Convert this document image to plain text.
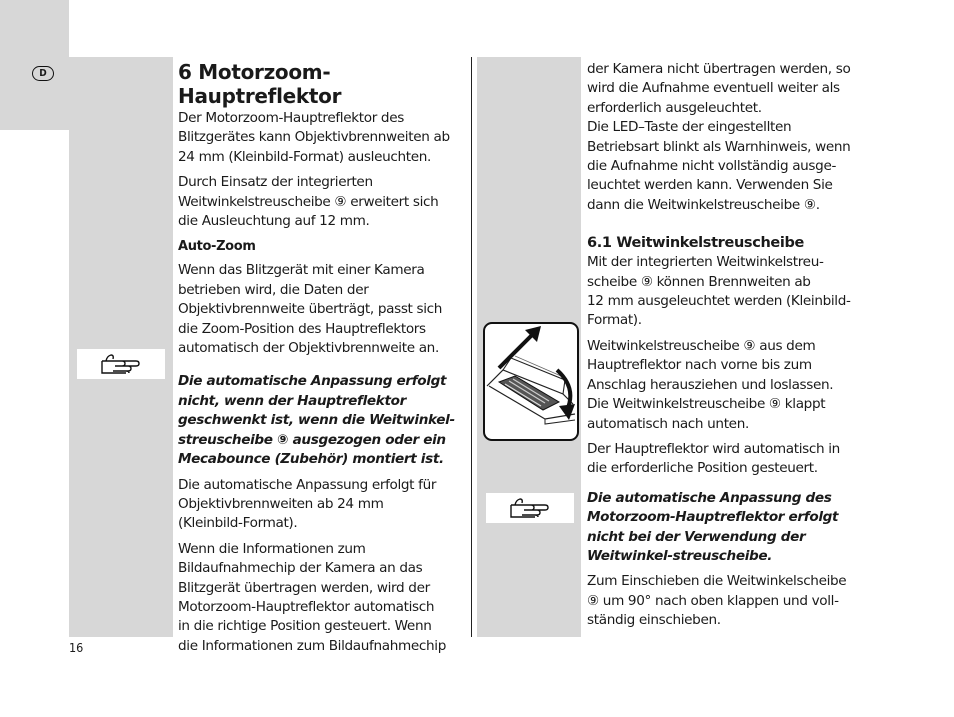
D	6 Motorzoom-Hauptreflektor

Der Motorzoom-Hauptreflektor des
Blitzgerätes kann Objektivbrennweiten ab
24 mm (Kleinbild-Format) ausleuchten.

Durch Einsatz der integrierten
Weitwinkelstreuscheibe ⑨ erweitert sich
die Ausleuchtung auf 12 mm.

Auto-Zoom

Wenn das Blitzgerät mit einer Kamera
betrieben wird, die Daten der
Objektivbrennweite überträgt, passt sich
die Zoom-Position des Hauptreflektors
automatisch der Objektivbrennweite an.

Die automatische Anpassung erfolgt
nicht, wenn der Hauptreflektor
geschwenkt ist, wenn die Weitwinkel-
streuscheibe ⑨ ausgezogen oder ein
Mecabounce (Zubehör) montiert ist.

Die automatische Anpassung erfolgt für
Objektivbrennweiten ab 24 mm
(Kleinbild-Format).

Wenn die Informationen zum
Bildaufnahmechip der Kamera an das
Blitzgerät übertragen werden, wird der
Motorzoom-Hauptreflektor automatisch
in die richtige Position gesteuert. Wenn
die Informationen zum Bildaufnahmechip

der Kamera nicht übertragen werden, so
wird die Aufnahme eventuell weiter als
erforderlich ausgeleuchtet.
Die LED–Taste der eingestellten
Betriebsart blinkt als Warnhinweis, wenn
die Aufnahme nicht vollständig ausge-
leuchtet werden kann. Verwenden Sie
dann die Weitwinkelstreuscheibe ⑨.

6.1 Weitwinkelstreuscheibe

Mit der integrierten Weitwinkelstreu-
scheibe ⑨ können Brennweiten ab
12 mm ausgeleuchtet werden (Kleinbild-
Format).

Weitwinkelstreuscheibe ⑨ aus dem
Hauptreflektor nach vorne bis zum
Anschlag herausziehen und loslassen.
Die Weitwinkelstreuscheibe ⑨ klappt
automatisch nach unten.

Der Hauptreflektor wird automatisch in
die erforderliche Position gesteuert.

Die automatische Anpassung des
Motorzoom-Hauptreflektor erfolgt
nicht bei der Verwendung der
Weitwinkel-streuscheibe.

Zum Einschieben die Weitwinkelscheibe
⑨ um 90° nach oben klappen und voll-
ständig einschieben.

16
